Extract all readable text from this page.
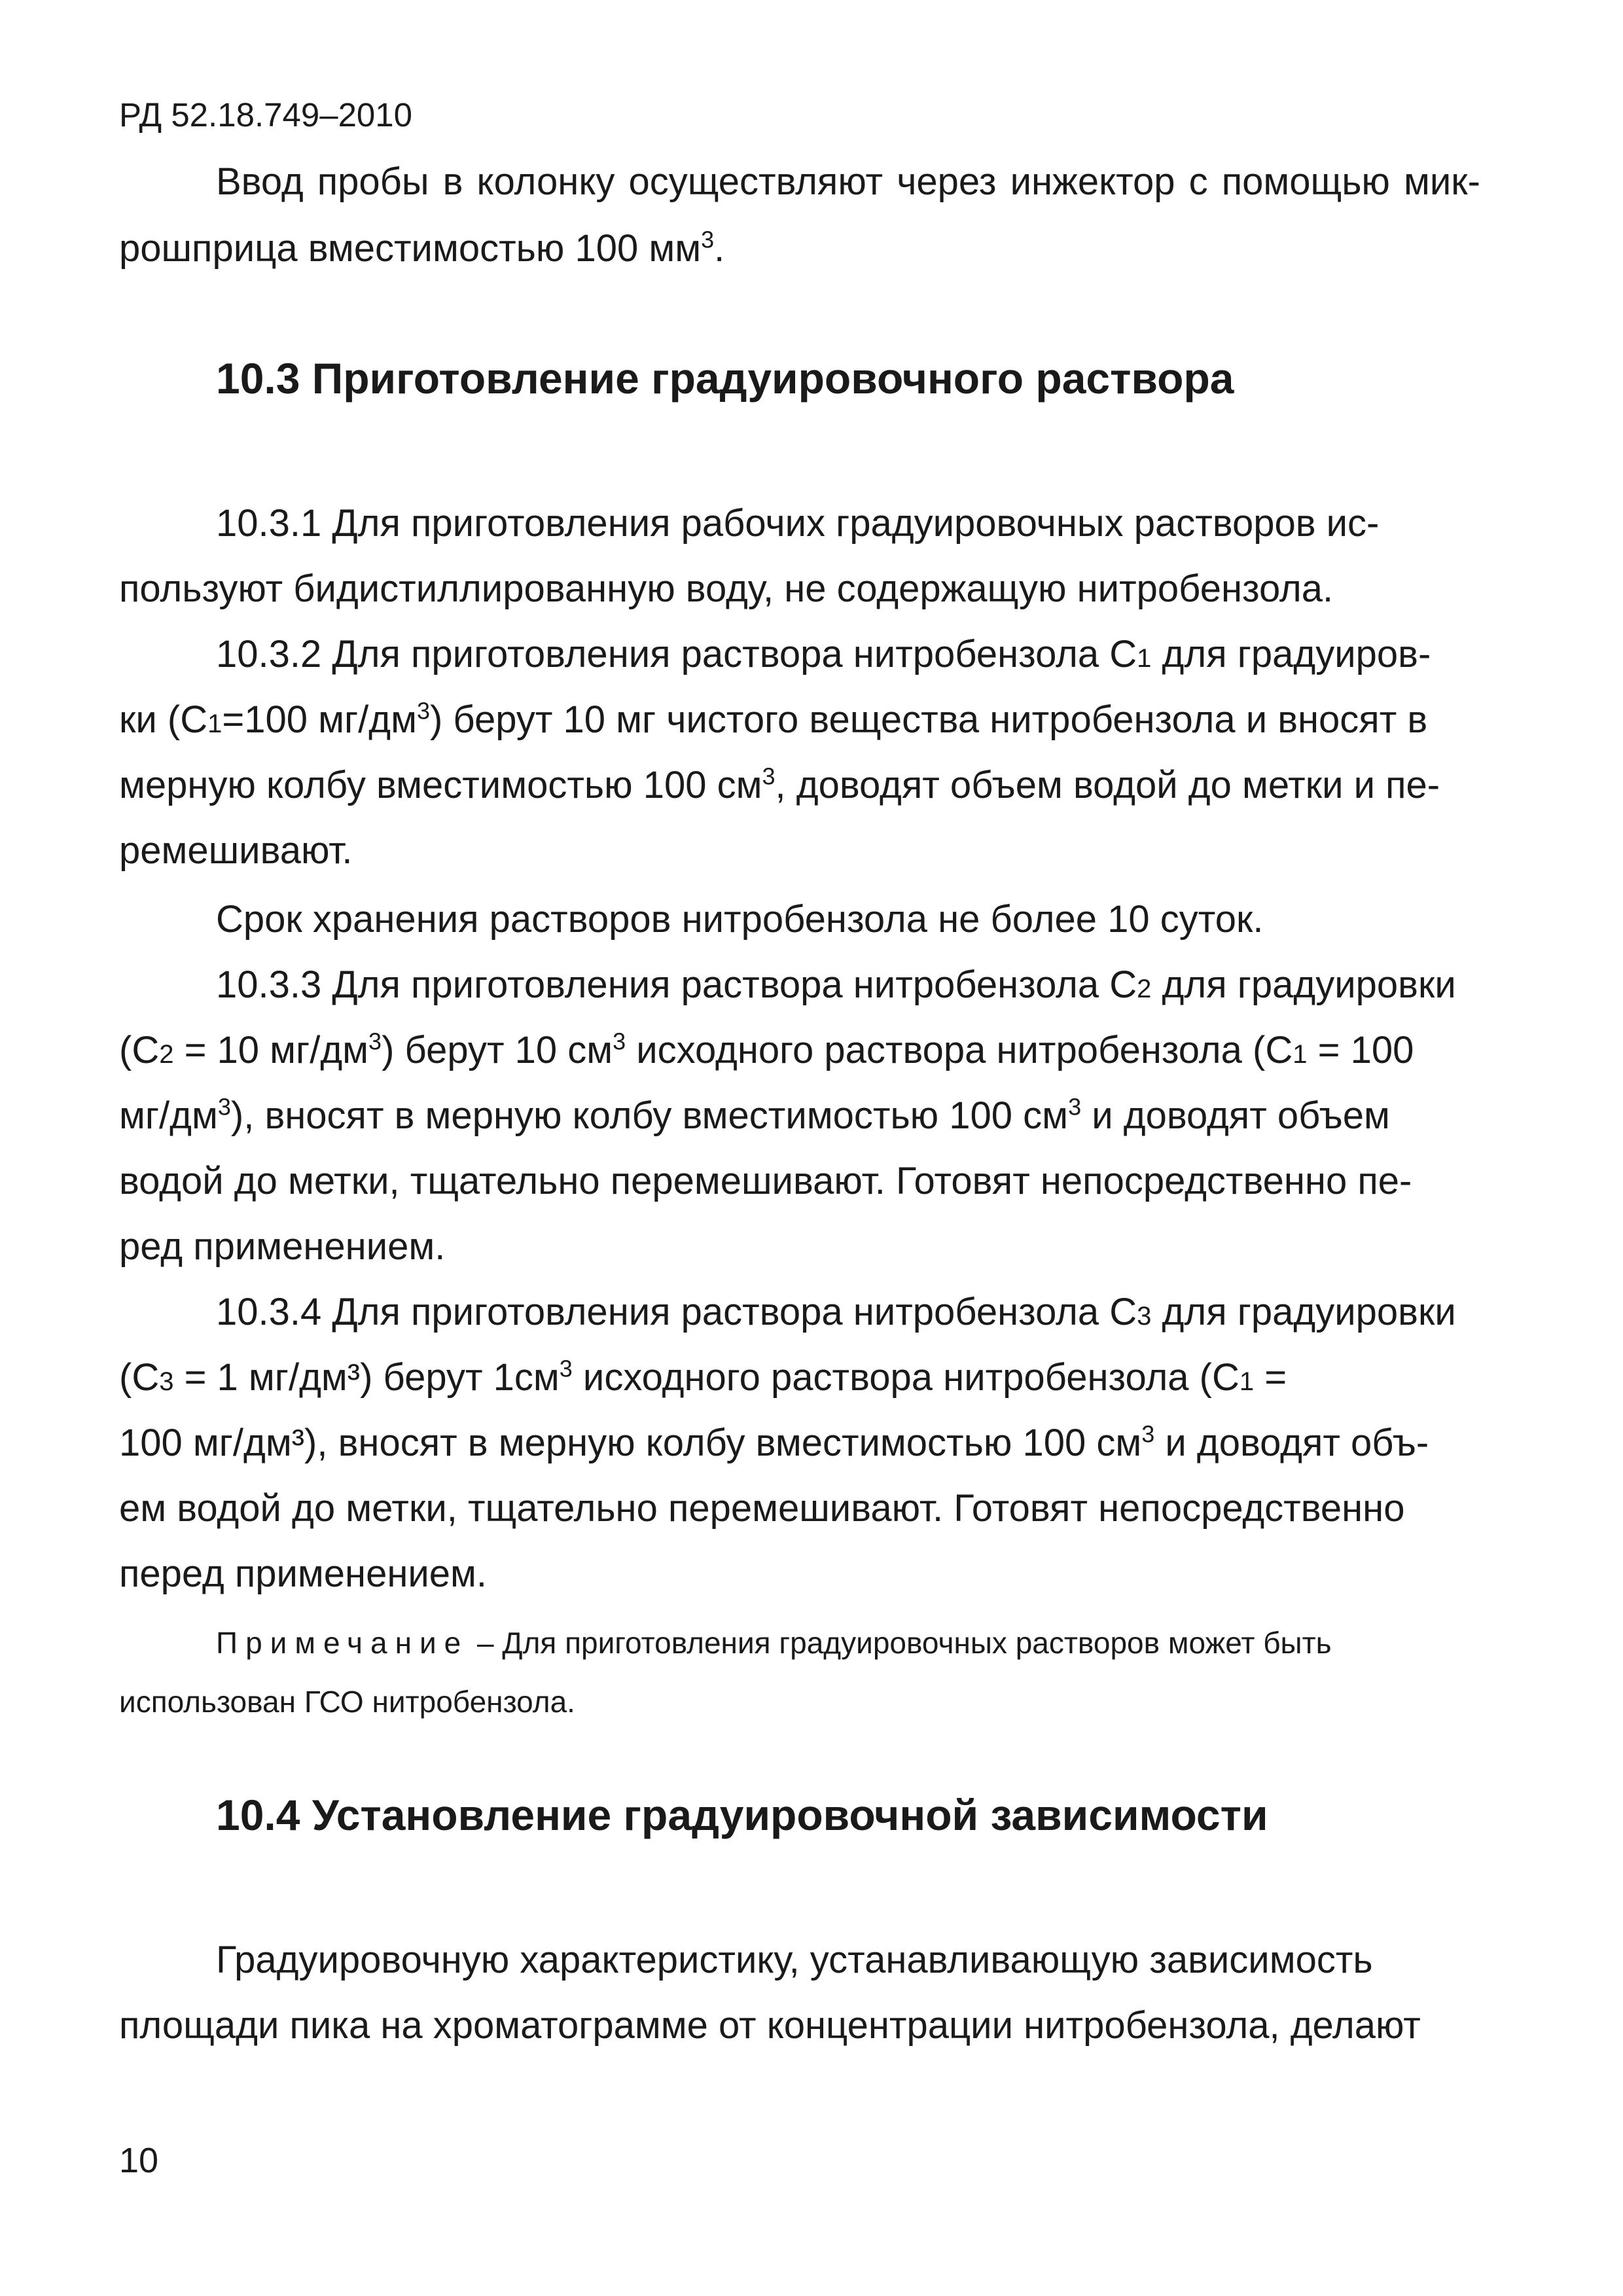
РД 52.18.749–2010
Ввод пробы в колонку осуществляют через инжектор с помощью мик-
рошприца вместимостью 100 $мм^3$.
10.3 Приготовление градуировочного раствора
10.3.1 Для приготовления рабочих градуировочных растворов ис-
пользуют бидистиллированную воду, не содержащую нитробензола.
10.3.2 Для приготовления раствора нитробензола С1 для градуиров-
ки (С1=100 $мг/дм^3$) берут 10 мг чистого вещества нитробензола и вносят в
мерную колбу вместимостью 100 $см^3$, доводят объем водой до метки и пе-
ремешивают.
Срок хранения растворов нитробензола не более 10 суток.
10.3.3 Для приготовления раствора нитробензола С2 для градуировки
(С2 = 10 $мг/дм^3$) берут 10 $см^3$ исходного раствора нитробензола (С1 = 100
$мг/дм^3$), вносят в мерную колбу вместимостью 100 $см^3$ и доводят объем
водой до метки, тщательно перемешивают. Готовят непосредственно пе-
ред применением.
10.3.4 Для приготовления раствора нитробензола С3 для градуировки
(С3 = 1 мг/дм³) берут $1см^3$ исходного раствора нитробензола (С1 =
100 мг/дм³), вносят в мерную колбу вместимостью 100 $см^3$ и доводят объ-
ем водой до метки, тщательно перемешивают. Готовят непосредственно
перед применением.
Примечание – Для приготовления градуировочных растворов может быть
использован ГСО нитробензола.
10.4 Установление градуировочной зависимости
Градуировочную характеристику, устанавливающую зависимость
площади пика на хроматограмме от концентрации нитробензола, делают
10
